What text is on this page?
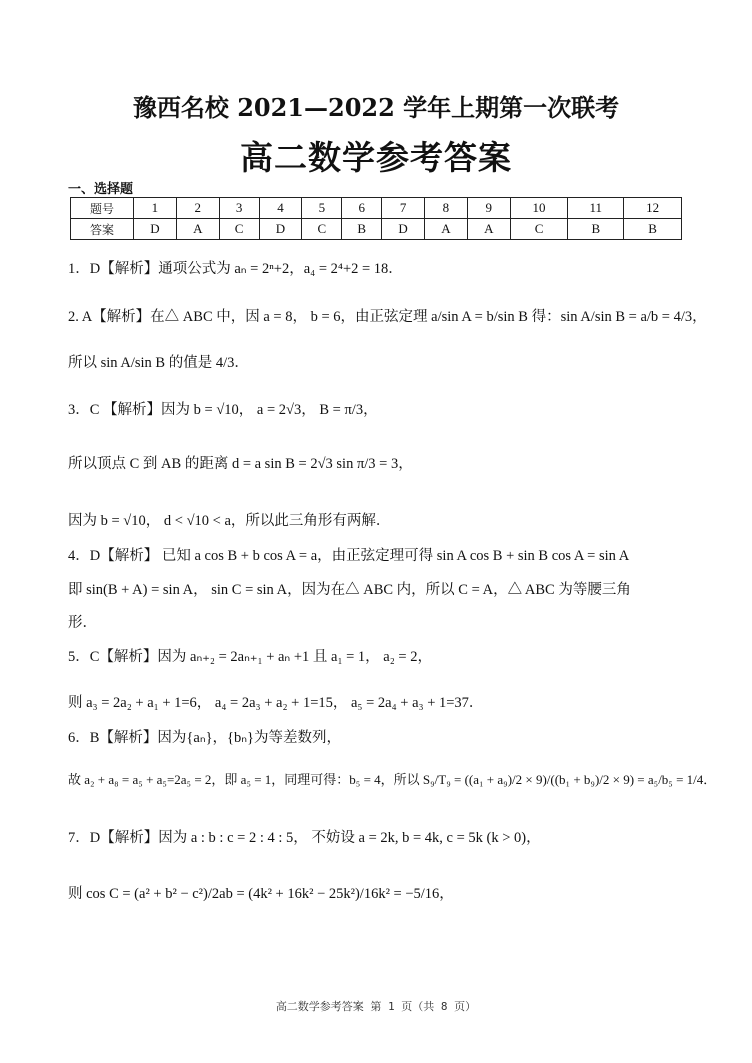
豫西名校 2021—2022 学年上期第一次联考
高二数学参考答案
一、选择题
题号	1	2	3	4	5	6	7	8	9	10	11	12
答案	D	A	C	D	C	B	D	A	A	C	B	B
1．D【解析】通项公式为 aₙ = 2ⁿ+2，a₄ = 2⁴+2 = 18．
2. A【解析】在△ ABC 中，因 a = 8， b = 6，由正弦定理 a/sin A = b/sin B 得：sin A/sin B = a/b = 4/3，
所以 sin A/sin B 的值是 4/3．
3．C 【解析】因为 b = √10， a = 2√3， B = π/3，
所以顶点 C 到 AB 的距离 d = a sin B = 2√3 sin π/3 = 3，
因为 b = √10， d < √10 < a，所以此三角形有两解．
4．D【解析】 已知 a cos B + b cos A = a，由正弦定理可得 sin A cos B + sin B cos A = sin A
即 sin(B + A) = sin A， sin C = sin A，因为在△ ABC 内，所以 C = A，△ ABC 为等腰三角
形．
5．C【解析】因为 aₙ₊₂ = 2aₙ₊₁ + aₙ +1 且 a₁ = 1， a₂ = 2，
则 a₃ = 2a₂ + a₁ + 1=6， a₄ = 2a₃ + a₂ + 1=15， a₅ = 2a₄ + a₃ + 1=37．
6．B【解析】因为{aₙ}，{bₙ}为等差数列，
故 a₂ + a₈ = a₅ + a₅=2a₅ = 2，即 a₅ = 1，同理可得：b₅ = 4，所以 S₉/T₉ = ((a₁ + a₉)/2 × 9)/((b₁ + b₉)/2 × 9) = a₅/b₅ = 1/4．
7．D【解析】因为 a : b : c = 2 : 4 : 5， 不妨设 a = 2k, b = 4k, c = 5k (k > 0)，
则 cos C = (a² + b² − c²)/2ab = (4k² + 16k² − 25k²)/16k² = −5/16，
高二数学参考答案 第 1 页（共 8 页）
